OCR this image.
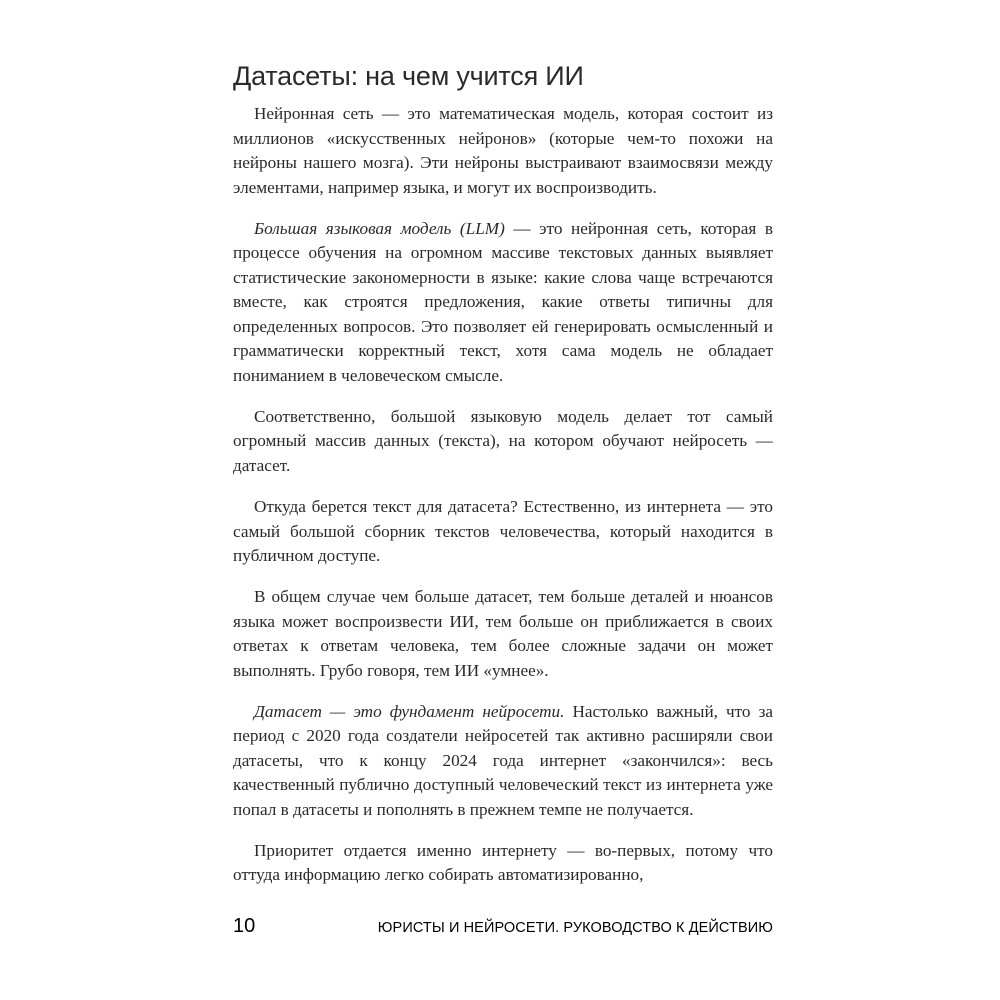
Датасеты: на чем учится ИИ

Нейронная сеть — это математическая модель, которая состоит из миллионов «искусственных нейронов» (которые чем-то похожи на нейроны нашего мозга). Эти нейроны выстраивают взаимосвязи между элементами, например языка, и могут их воспроизводить.

Большая языковая модель (LLM) — это нейронная сеть, которая в процессе обучения на огромном массиве текстовых данных выявляет статистические закономерности в языке: какие слова чаще встречаются вместе, как строятся предложения, какие ответы типичны для определенных вопросов. Это позволяет ей генерировать осмысленный и грамматически корректный текст, хотя сама модель не обладает пониманием в человеческом смысле.

Соответственно, большой языковую модель делает тот самый огромный массив данных (текста), на котором обучают нейросеть — датасет.

Откуда берется текст для датасета? Естественно, из интернета — это самый большой сборник текстов человечества, который находится в публичном доступе.

В общем случае чем больше датасет, тем больше деталей и нюансов языка может воспроизвести ИИ, тем больше он приближается в своих ответах к ответам человека, тем более сложные задачи он может выполнять. Грубо говоря, тем ИИ «умнее».

Датасет — это фундамент нейросети. Настолько важный, что за период с 2020 года создатели нейросетей так активно расширяли свои датасеты, что к концу 2024 года интернет «закончился»: весь качественный публично доступный человеческий текст из интернета уже попал в датасеты и пополнять в прежнем темпе не получается.

Приоритет отдается именно интернету — во-первых, потому что оттуда информацию легко собирать автоматизированно,

10	ЮРИСТЫ И НЕЙРОСЕТИ. РУКОВОДСТВО К ДЕЙСТВИЮ
